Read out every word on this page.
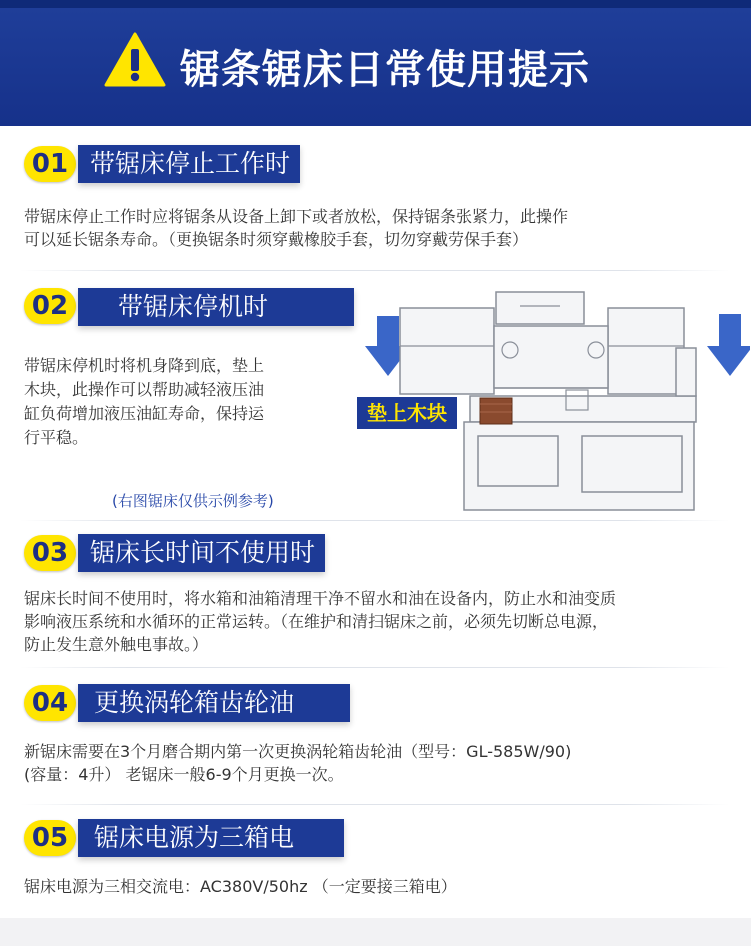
锯条锯床日常使用提示
01 带锯床停止工作时
带锯床停止工作时应将锯条从设备上卸下或者放松，保持锯条张紧力，此操作
可以延长锯条寿命。（更换锯条时须穿戴橡胶手套，切勿穿戴劳保手套）
02	带锯床停机时
带锯床停机时将机身降到底，垫上
木块，此操作可以帮助减轻液压油
缸负荷增加液压油缸寿命，保持运
行平稳。
(右图锯床仅供示例参考)
垫上木块
03 锯床长时间不使用时
锯床长时间不使用时，将水箱和油箱清理干净不留水和油在设备内，防止水和油变质
影响液压系统和水循环的正常运转。（在维护和清扫锯床之前，必须先切断总电源，
防止发生意外触电事故。）
04	更换涡轮箱齿轮油
新锯床需要在3个月磨合期内第一次更换涡轮箱齿轮油（型号：GL-585W/90)
(容量：4升） 老锯床一般6-9个月更换一次。
05	锯床电源为三箱电
锯床电源为三相交流电：AC380V/50hz （一定要接三箱电）
